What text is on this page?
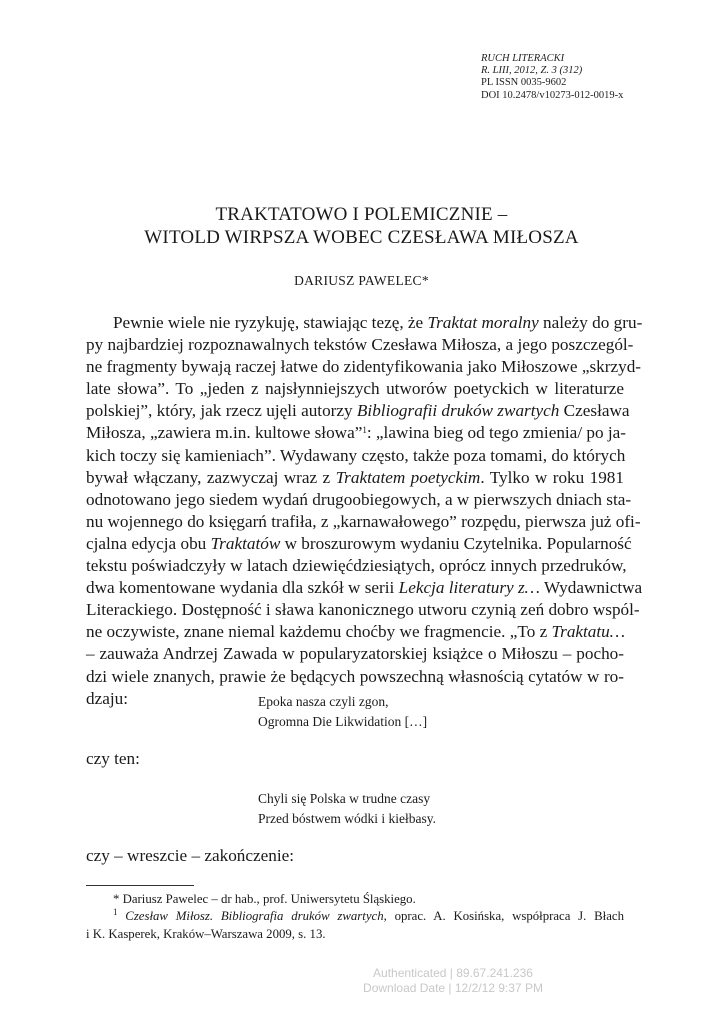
RUCH LITERACKI
R. LIII, 2012, Z. 3 (312)
PL ISSN 0035-9602
DOI 10.2478/v10273-012-0019-x
TRAKTATOWO I POLEMICZNIE –
WITOLD WIRPSZA WOBEC CZESŁAWA MIŁOSZA
DARIUSZ PAWELEC*
Pewnie wiele nie ryzykuję, stawiając tezę, że Traktat moralny należy do gru-
py najbardziej rozpoznawalnych tekstów Czesława Miłosza, a jego poszczegól-
ne fragmenty bywają raczej łatwe do zidentyfikowania jako Miłoszowe „skrzyd-
late słowa”. To „jeden z najsłynniejszych utworów poetyckich w literaturze
polskiej”, który, jak rzecz ujęli autorzy Bibliografii druków zwartych Czesława
Miłosza, „zawiera m.in. kultowe słowa”$^1$: „lawina bieg od tego zmienia/ po ja-
kich toczy się kamieniach”. Wydawany często, także poza tomami, do których
bywał włączany, zazwyczaj wraz z Traktatem poetyckim. Tylko w roku 1981
odnotowano jego siedem wydań drugoobiegowych, a w pierwszych dniach sta-
nu wojennego do księgarń trafiła, z „karnawałowego” rozpędu, pierwsza już ofi-
cjalna edycja obu Traktatów w broszurowym wydaniu Czytelnika. Popularność
tekstu poświadczyły w latach dziewięćdziesiątych, oprócz innych przedruków,
dwa komentowane wydania dla szkół w serii Lekcja literatury z… Wydawnictwa
Literackiego. Dostępność i sława kanonicznego utworu czynią zeń dobro wspól-
ne oczywiste, znane niemal każdemu choćby we fragmencie. „To z Traktatu…
– zauważa Andrzej Zawada w popularyzatorskiej książce o Miłoszu – pocho-
dzi wiele znanych, prawie że będących powszechną własnością cytatów w ro-
dzaju:	Epoka nasza czyli zgon,
Ogromna Die Likwidation […]
czy ten:
Chyli się Polska w trudne czasy
Przed bóstwem wódki i kiełbasy.
czy – wreszcie – zakończenie:
* Dariusz Pawelec – dr hab., prof. Uniwersytetu Śląskiego.
$^1$ Czesław Miłosz. Bibliografia druków zwartych, oprac. A. Kosińska, współpraca J. Błach
i K. Kasperek, Kraków–Warszawa 2009, s. 13.
Authenticated | 89.67.241.236
Download Date | 12/2/12 9:37 PM
